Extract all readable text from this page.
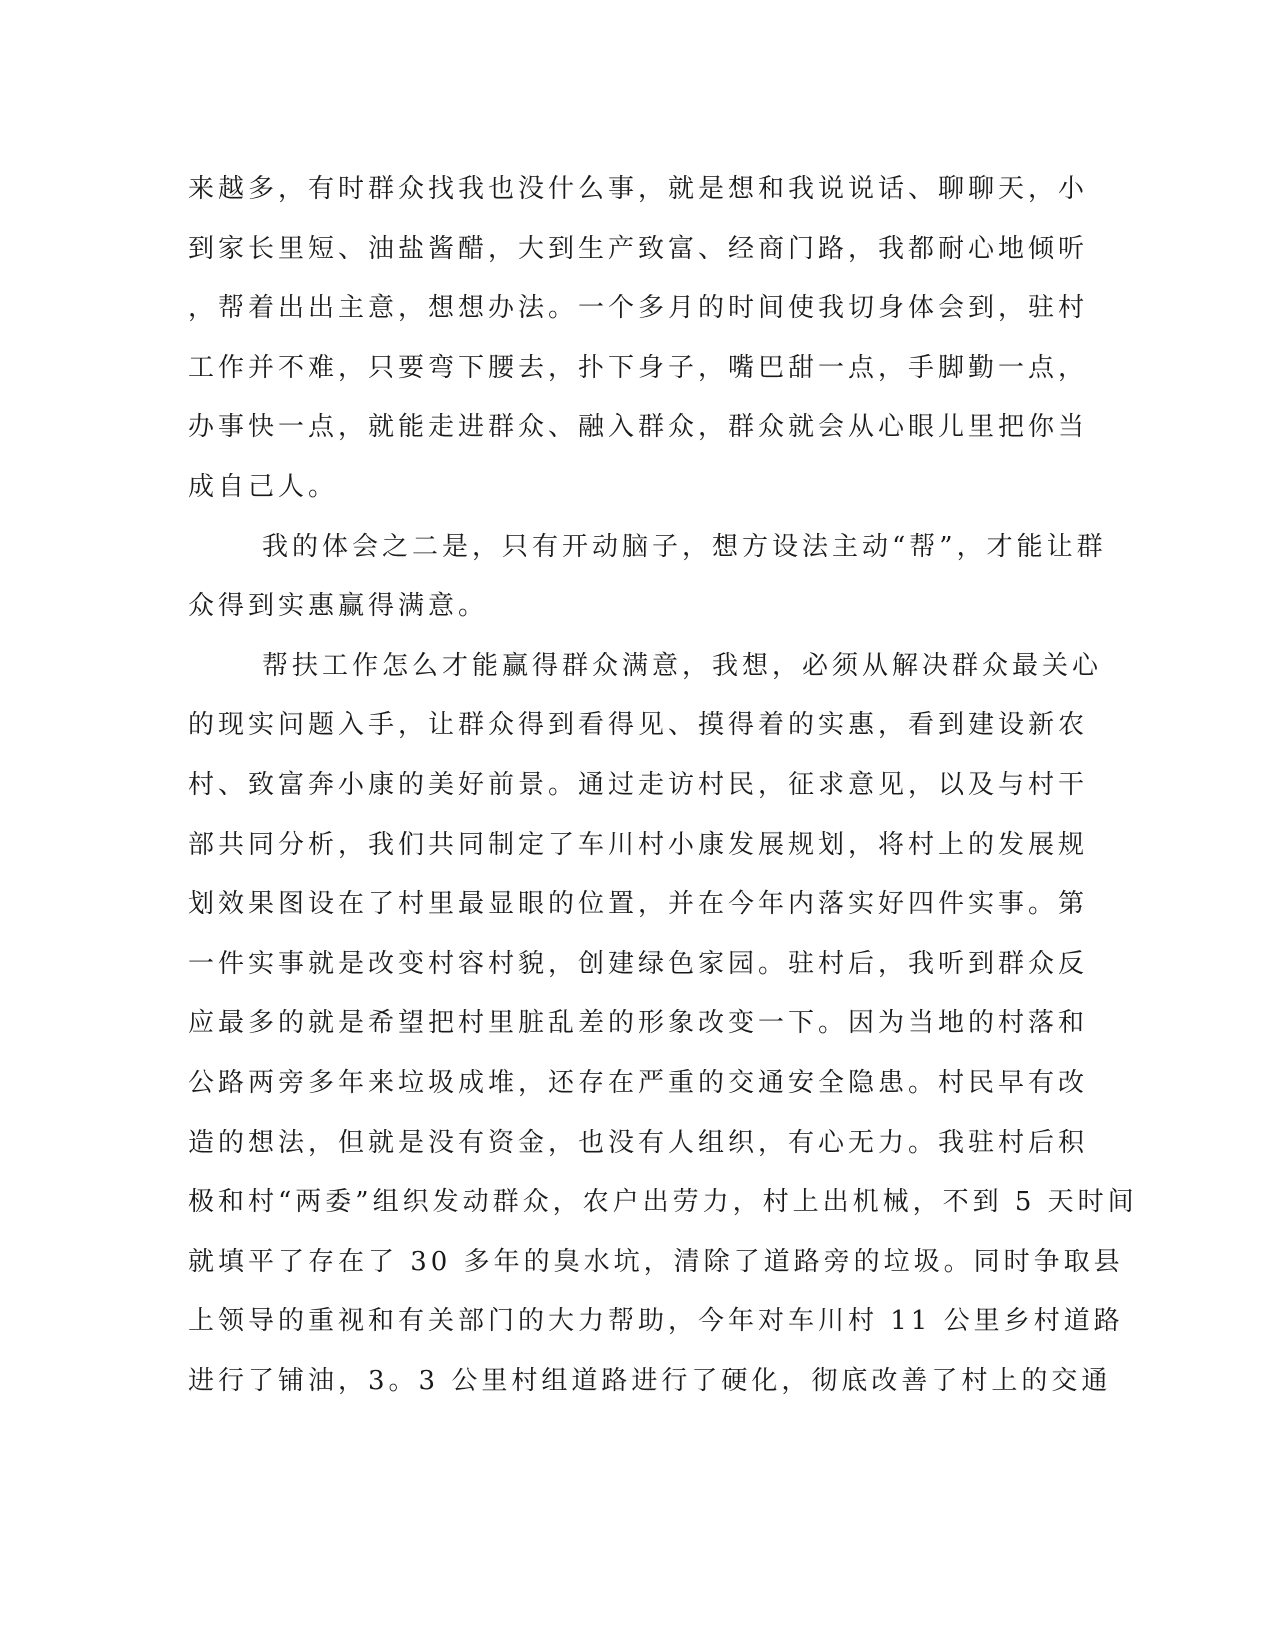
来越多，有时群众找我也没什么事，就是想和我说说话、聊聊天，小
到家长里短、油盐酱醋，大到生产致富、经商门路，我都耐心地倾听
，帮着出出主意，想想办法。一个多月的时间使我切身体会到，驻村
工作并不难，只要弯下腰去，扑下身子，嘴巴甜一点，手脚勤一点，
办事快一点，就能走进群众、融入群众，群众就会从心眼儿里把你当
成自己人。
我的体会之二是，只有开动脑子，想方设法主动“帮”，才能让群
众得到实惠赢得满意。
帮扶工作怎么才能赢得群众满意，我想，必须从解决群众最关心
的现实问题入手，让群众得到看得见、摸得着的实惠，看到建设新农
村、致富奔小康的美好前景。通过走访村民，征求意见，以及与村干
部共同分析，我们共同制定了车川村小康发展规划，将村上的发展规
划效果图设在了村里最显眼的位置，并在今年内落实好四件实事。第
一件实事就是改变村容村貌，创建绿色家园。驻村后，我听到群众反
应最多的就是希望把村里脏乱差的形象改变一下。因为当地的村落和
公路两旁多年来垃圾成堆，还存在严重的交通安全隐患。村民早有改
造的想法，但就是没有资金，也没有人组织，有心无力。我驻村后积
极和村“两委”组织发动群众，农户出劳力，村上出机械，不到 5 天时间
就填平了存在了 30 多年的臭水坑，清除了道路旁的垃圾。同时争取县
上领导的重视和有关部门的大力帮助，今年对车川村 11 公里乡村道路
进行了铺油，3。3 公里村组道路进行了硬化，彻底改善了村上的交通
